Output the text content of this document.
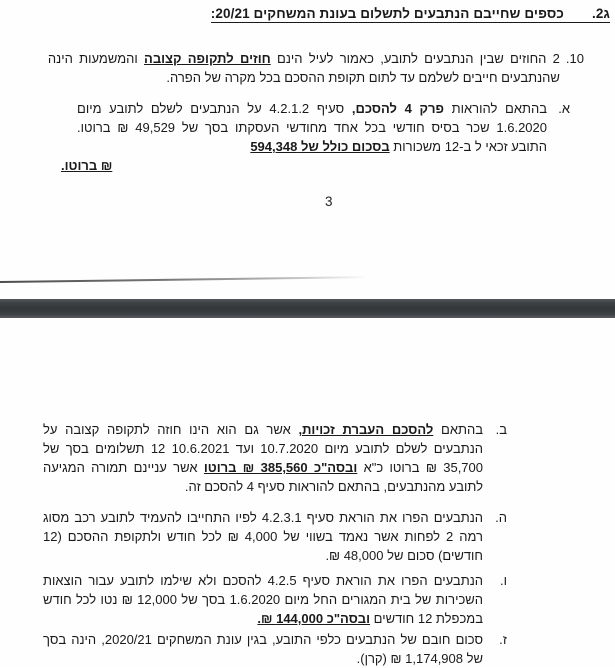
ג2.כספים שחייבם הנתבעים לתשלום בעונת המשחקים 20/21:
10.
2 החוזים שבין הנתבעים לתובע, כאמור לעיל הינם חוזים לתקופה קצובה והמשמעות הינה שהנתבעים חייבים לשלמם עד לתום תקופת ההסכם בכל מקרה של הפרה.
א.
בהתאם להוראות פרק 4 להסכם, סעיף 4.2.1.2 על הנתבעים לשלם לתובע מיום 1.6.2020 שכר בסיס חודשי בכל אחד מחודשי העסקתו בסך של 49,529 ₪ ברוטו. התובע זכאי ל ב-12 משכורות בסכום כולל של 594,348
₪ ברוטו.
3
ב.
בהתאם להסכם העברת זכויות, אשר גם הוא הינו חוזה לתקופה קצובה על הנתבעים לשלם לתובע מיום 10.7.2020 ועד 10.6.2021 12 תשלומים בסך של 35,700 ₪ ברוטו כ"א ובסה"כ 385,560 ₪ ברוטו אשר עניינם תמורה המגיעה לתובע מהנתבעים, בהתאם להוראות סעיף 4 להסכם זה.
ה.
הנתבעים הפרו את הוראת סעיף 4.2.3.1 לפיו התחייבו להעמיד לתובע רכב מסוג רמה 2 לפחות אשר נאמד בשווי של 4,000 ₪ לכל חודש ולתקופת ההסכם (12 חודשים) סכום של 48,000 ₪.
ו.
הנתבעים הפרו את הוראת סעיף 4.2.5 להסכם ולא שילמו לתובע עבור הוצאות השכירות של בית המגורים החל מיום 1.6.2020 בסך של 12,000 ₪ נטו לכל חודש במכפלת 12 חודשים ובסה"כ 144,000 ₪.
ז.
סכום חובם של הנתבעים כלפי התובע, בגין עונת המשחקים 2020/21, הינה בסך של 1,174,908 ₪ (קרן).
